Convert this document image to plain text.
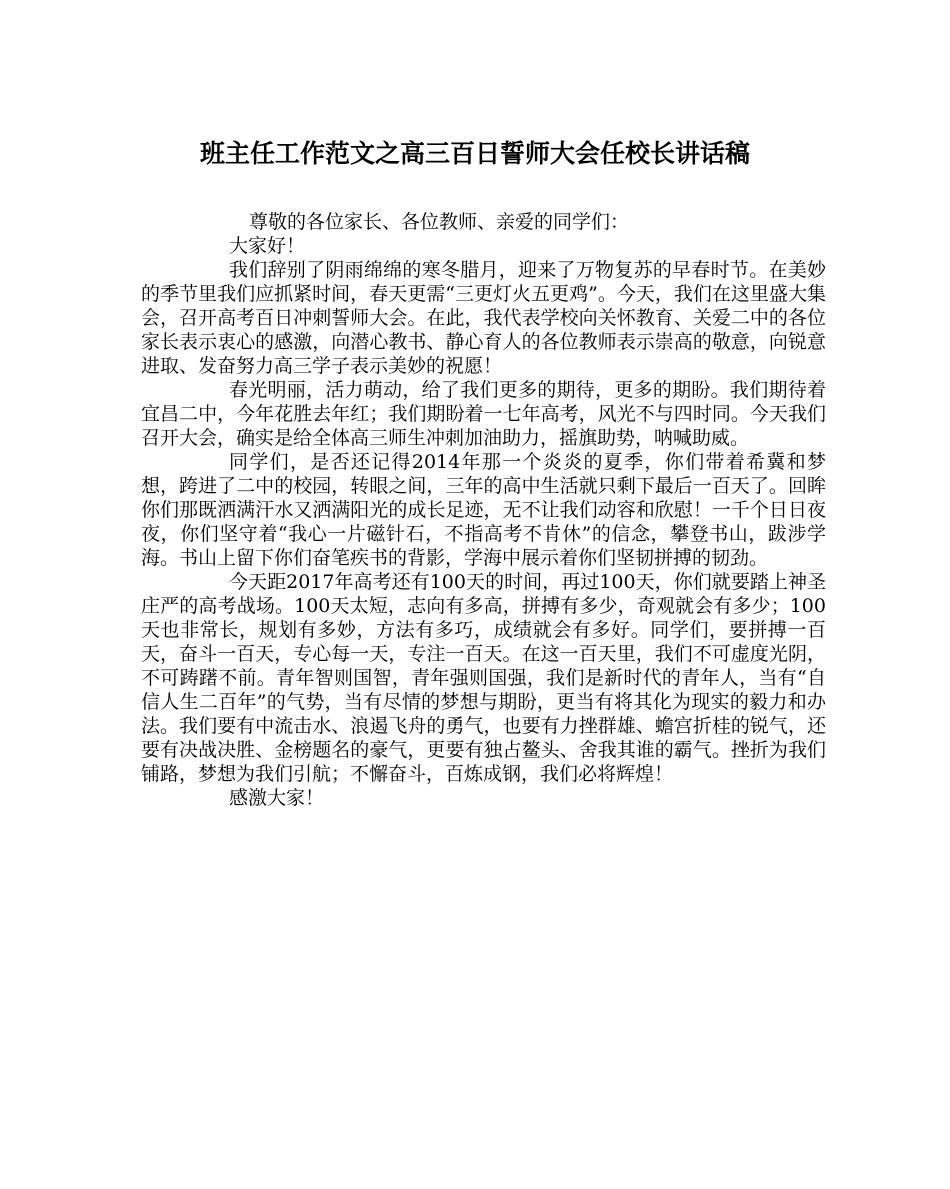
班主任工作范文之高三百日誓师大会任校长讲话稿

尊敬的各位家长、各位教师、亲爱的同学们：

大家好！

我们辞别了阴雨绵绵的寒冬腊月，迎来了万物复苏的早春时节。在美妙的季节里我们应抓紧时间，春天更需“三更灯火五更鸡”。今天，我们在这里盛大集会，召开高考百日冲刺誓师大会。在此，我代表学校向关怀教育、关爱二中的各位家长表示衷心的感激，向潜心教书、静心育人的各位教师表示崇高的敬意，向锐意进取、发奋努力高三学子表示美妙的祝愿！

春光明丽，活力萌动，给了我们更多的期待，更多的期盼。我们期待着宜昌二中，今年花胜去年红；我们期盼着一七年高考，风光不与四时同。今天我们召开大会，确实是给全体高三师生冲刺加油助力，摇旗助势，呐喊助威。

同学们，是否还记得2014年那一个炎炎的夏季，你们带着希冀和梦想，跨进了二中的校园，转眼之间，三年的高中生活就只剩下最后一百天了。回眸你们那既洒满汗水又洒满阳光的成长足迹，无不让我们动容和欣慰！一千个日日夜夜，你们坚守着“我心一片磁针石，不指高考不肯休”的信念，攀登书山，跋涉学海。书山上留下你们奋笔疾书的背影，学海中展示着你们坚韧拼搏的韧劲。

今天距2017年高考还有100天的时间，再过100天，你们就要踏上神圣庄严的高考战场。100天太短，志向有多高，拼搏有多少，奇观就会有多少；100天也非常长，规划有多妙，方法有多巧，成绩就会有多好。同学们，要拼搏一百天，奋斗一百天，专心每一天，专注一百天。在这一百天里，我们不可虚度光阴，不可踌躇不前。青年智则国智，青年强则国强，我们是新时代的青年人，当有“自信人生二百年”的气势，当有尽情的梦想与期盼，更当有将其化为现实的毅力和办法。我们要有中流击水、浪遏飞舟的勇气，也要有力挫群雄、蟾宫折桂的锐气，还要有决战决胜、金榜题名的豪气，更要有独占鳌头、舍我其谁的霸气。挫折为我们铺路，梦想为我们引航；不懈奋斗，百炼成钢，我们必将辉煌！

感激大家！
